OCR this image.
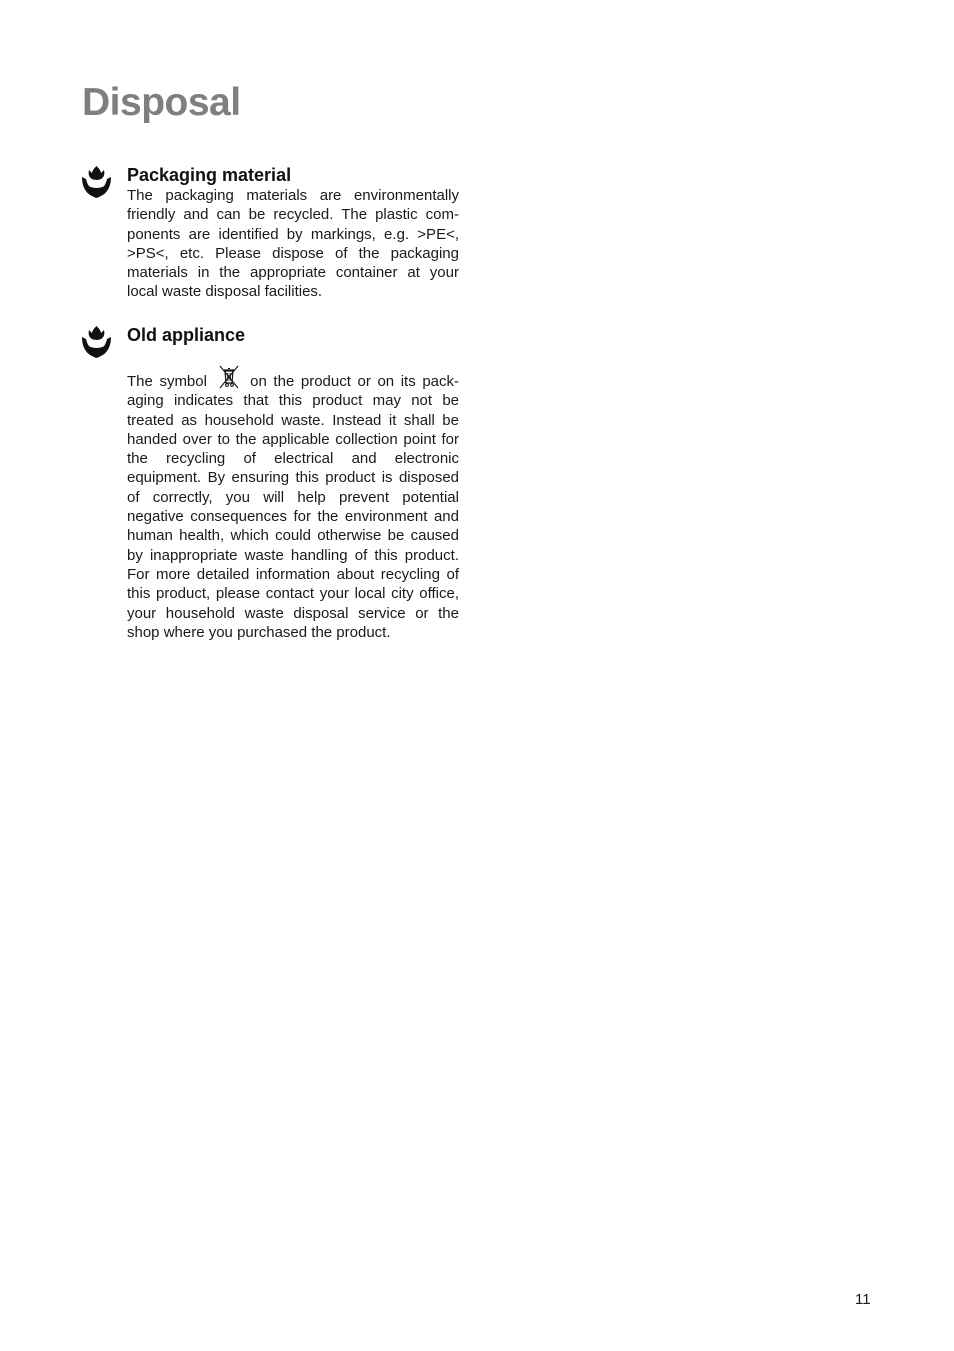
Disposal
Packaging material

The packaging materials are environmentally friendly and can be recycled. The plastic components are identified by markings, e.g. >PE<, >PS<, etc. Please dispose of the packaging materials in the appropriate container at your local waste disposal facilities.

Old appliance

The symbol  on the product or on its packaging indicates that this product may not be treated as household waste. Instead it shall be handed over to the applicable collection point for the recycling of electrical and electronic equipment. By ensuring this product is disposed of correctly, you will help prevent potential negative consequences for the environment and human health, which could otherwise be caused by inappropriate waste handling of this product. For more detailed information about recycling of this product, please contact your local city office, your household waste disposal service or the shop where you purchased the product.

11
